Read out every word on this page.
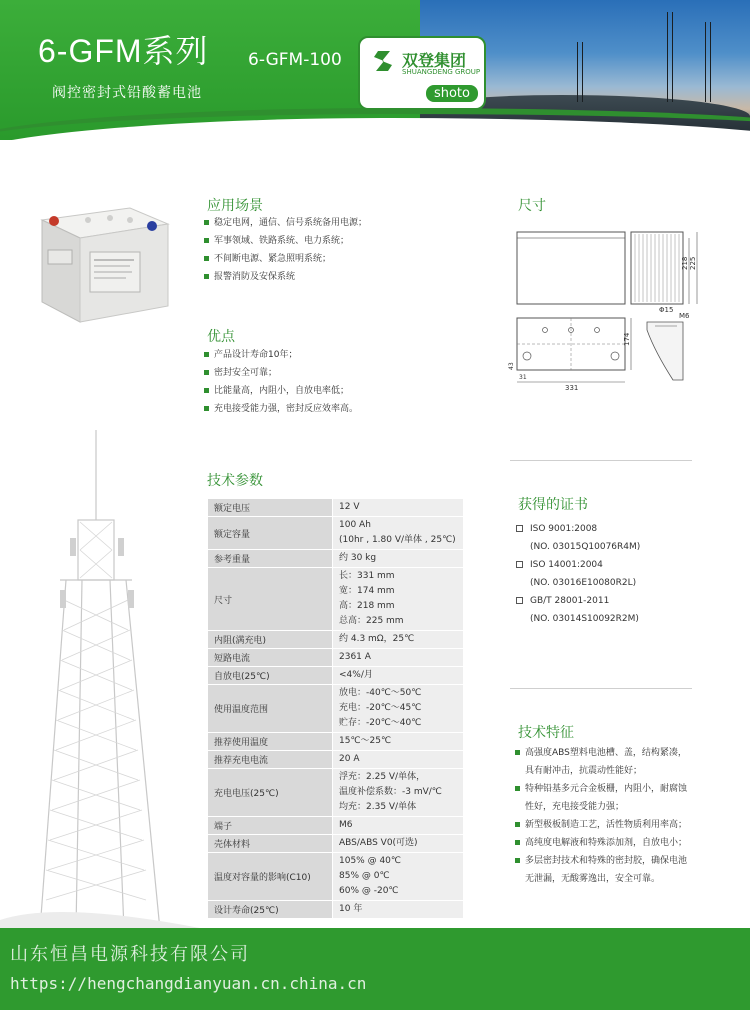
6-GFM系列 6-GFM-100
阀控密封式铅酸蓄电池
双登集团
SHUANGDENG GROUP
shoto
应用场景
稳定电网，通信、信号系统备用电源；
军事领域、铁路系统、电力系统；
不间断电源、紧急照明系统；
报警消防及安保系统
优点
产品设计寿命10年；
密封安全可靠；
比能量高，内阻小，自放电率低；
充电接受能力强，密封反应效率高。
尺寸
218 225
Φ15
M6
331
174
43
31
技术参数
额定电压	12 V

额定容量	100 Ah
(10hr , 1.80 V/单体 , 25℃)

参考重量	约 30 kg

尺寸	长：331 mm
宽：174 mm
高：218 mm
总高：225 mm

内阻(满充电)	约 4.3 mΩ，25℃

短路电流	2361 A

自放电(25℃)	<4%/月

使用温度范围	放电：-40℃～50℃
充电：-20℃～45℃
贮存：-20℃～40℃

推荐使用温度	15℃～25℃

推荐充电电流	20 A

充电电压(25℃)	浮充：2.25 V/单体，
温度补偿系数：-3 mV/℃
均充：2.35 V/单体

端子	M6

壳体材料	ABS/ABS V0(可选)

温度对容量的影响(C10)	105% @ 40℃
85% @ 0℃
60% @ -20℃

设计寿命(25℃)	10 年
获得的证书
ISO 9001:2008
(NO. 03015Q10076R4M)
ISO 14001:2004
(NO. 03016E10080R2L)
GB/T 28001-2011
(NO. 03014S10092R2M)
技术特征
高强度ABS塑料电池槽、盖，结构紧凑，
具有耐冲击，抗震动性能好；
特种铅基多元合金板栅，内阻小，耐腐蚀
性好，充电接受能力强；
新型极板制造工艺，活性物质利用率高；
高纯度电解液和特殊添加剂，自放电小；
多层密封技术和特殊的密封胶，确保电池
无泄漏，无酸雾逸出，安全可靠。
山东恒昌电源科技有限公司
https://hengchangdianyuan.cn.china.cn
